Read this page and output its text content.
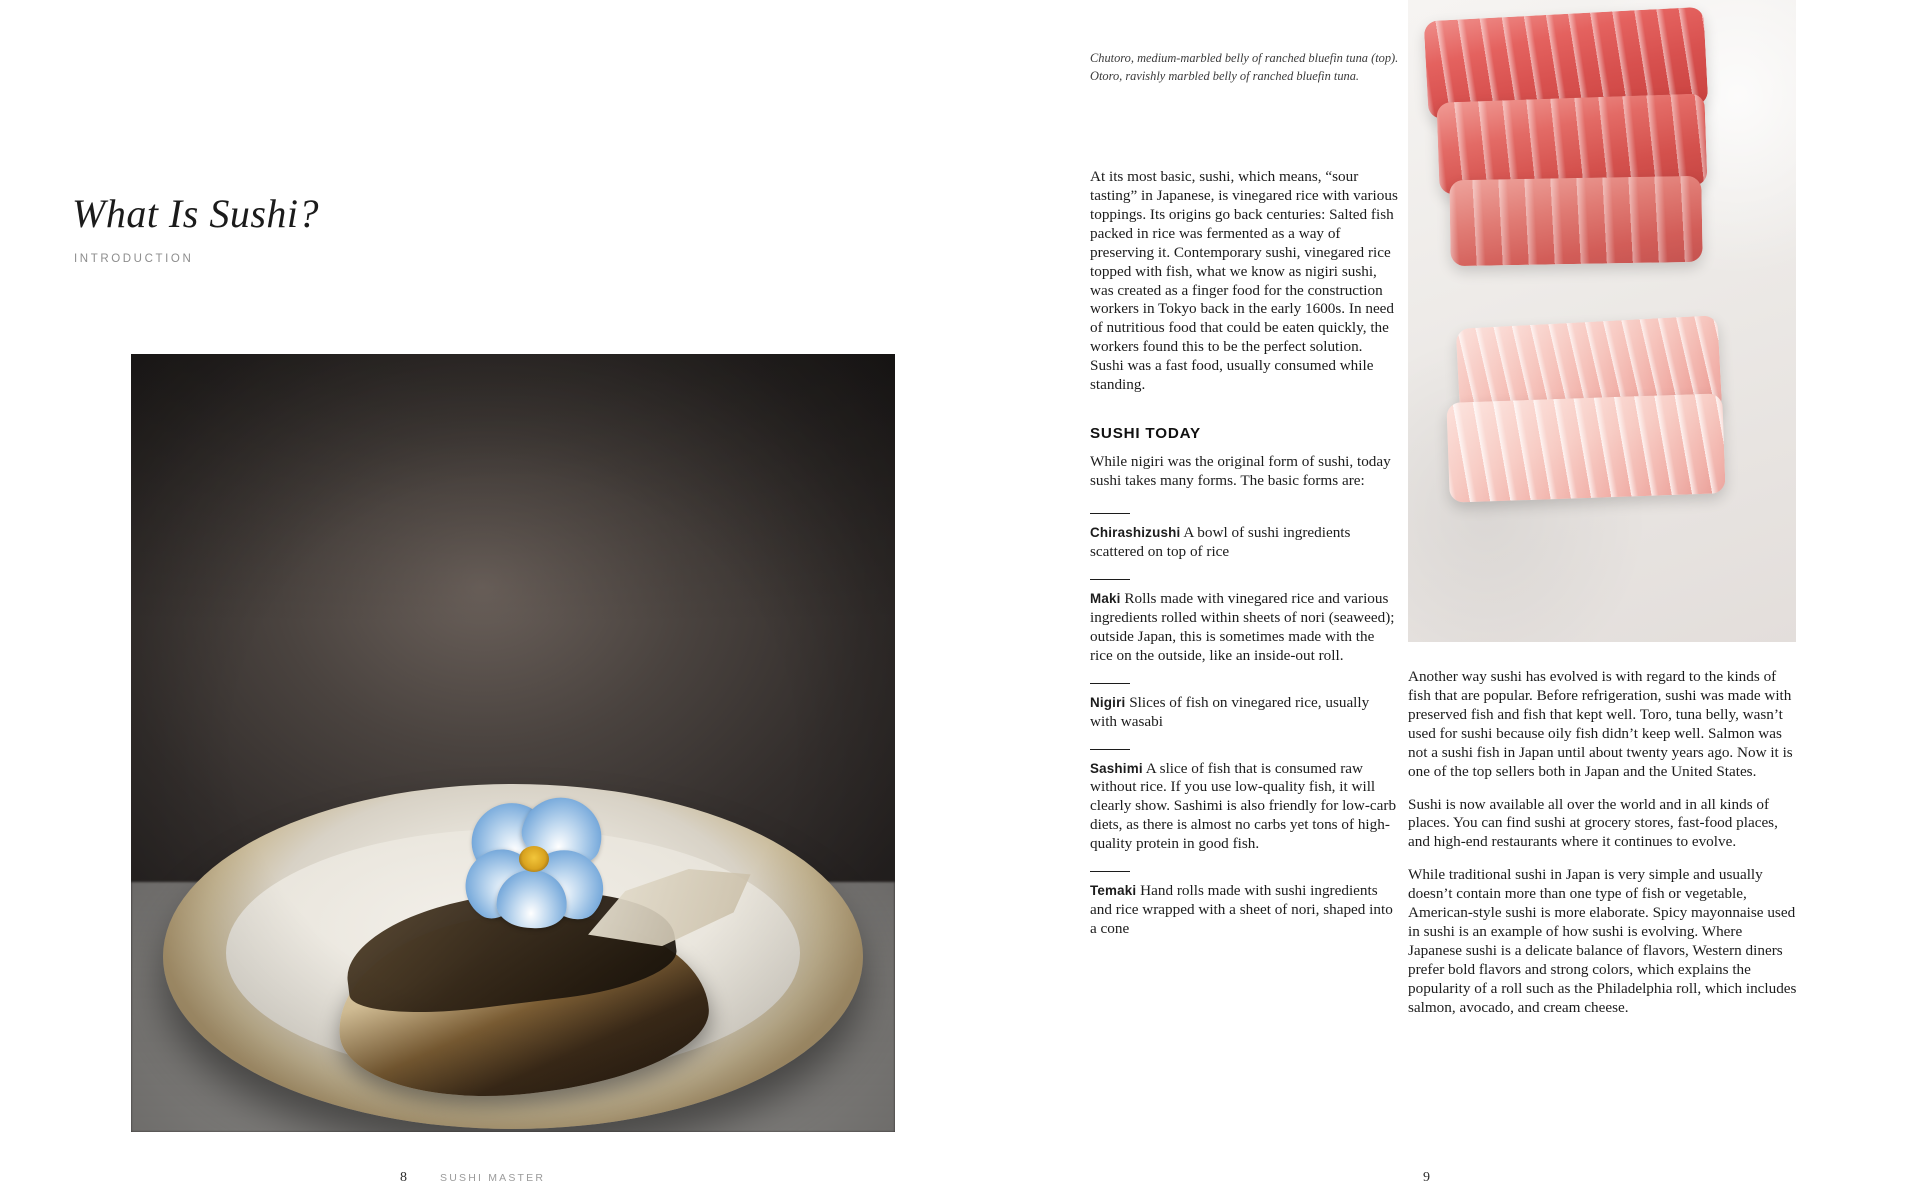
What Is Sushi?
INTRODUCTION
8	SUSHI MASTER
Chutoro, medium-marbled belly of ranched bluefin tuna (top). Otoro, ravishly marbled belly of ranched bluefin tuna.

At its most basic, sushi, which means, “sour tasting” in Japanese, is vinegared rice with various toppings. Its origins go back centuries: Salted fish packed in rice was fermented as a way of preserving it. Contemporary sushi, vinegared rice topped with fish, what we know as nigiri sushi, was created as a finger food for the construction workers in Tokyo back in the early 1600s. In need of nutritious food that could be eaten quickly, the workers found this to be the perfect solution. Sushi was a fast food, usually consumed while standing.

SUSHI TODAY

While nigiri was the original form of sushi, today sushi takes many forms. The basic forms are:

Chirashizushi A bowl of sushi ingredients scattered on top of rice
Maki Rolls made with vinegared rice and various ingredients rolled within sheets of nori (seaweed); outside Japan, this is sometimes made with the rice on the outside, like an inside-out roll.
Nigiri Slices of fish on vinegared rice, usually with wasabi
Sashimi A slice of fish that is consumed raw without rice. If you use low-quality fish, it will clearly show. Sashimi is also friendly for low-carb diets, as there is almost no carbs yet tons of high-quality protein in good fish.
Temaki Hand rolls made with sushi ingredients and rice wrapped with a sheet of nori, shaped into a cone

Another way sushi has evolved is with regard to the kinds of fish that are popular. Before refrigeration, sushi was made with preserved fish and fish that kept well. Toro, tuna belly, wasn’t used for sushi because oily fish didn’t keep well. Salmon was not a sushi fish in Japan until about twenty years ago. Now it is one of the top sellers both in Japan and the United States.

Sushi is now available all over the world and in all kinds of places. You can find sushi at grocery stores, fast-food places, and high-end restaurants where it continues to evolve.

While traditional sushi in Japan is very simple and usually doesn’t contain more than one type of fish or vegetable, American-style sushi is more elaborate. Spicy mayonnaise used in sushi is an example of how sushi is evolving. Where Japanese sushi is a delicate balance of flavors, Western diners prefer bold flavors and strong colors, which explains the popularity of a roll such as the Philadelphia roll, which includes salmon, avocado, and cream cheese.

9
